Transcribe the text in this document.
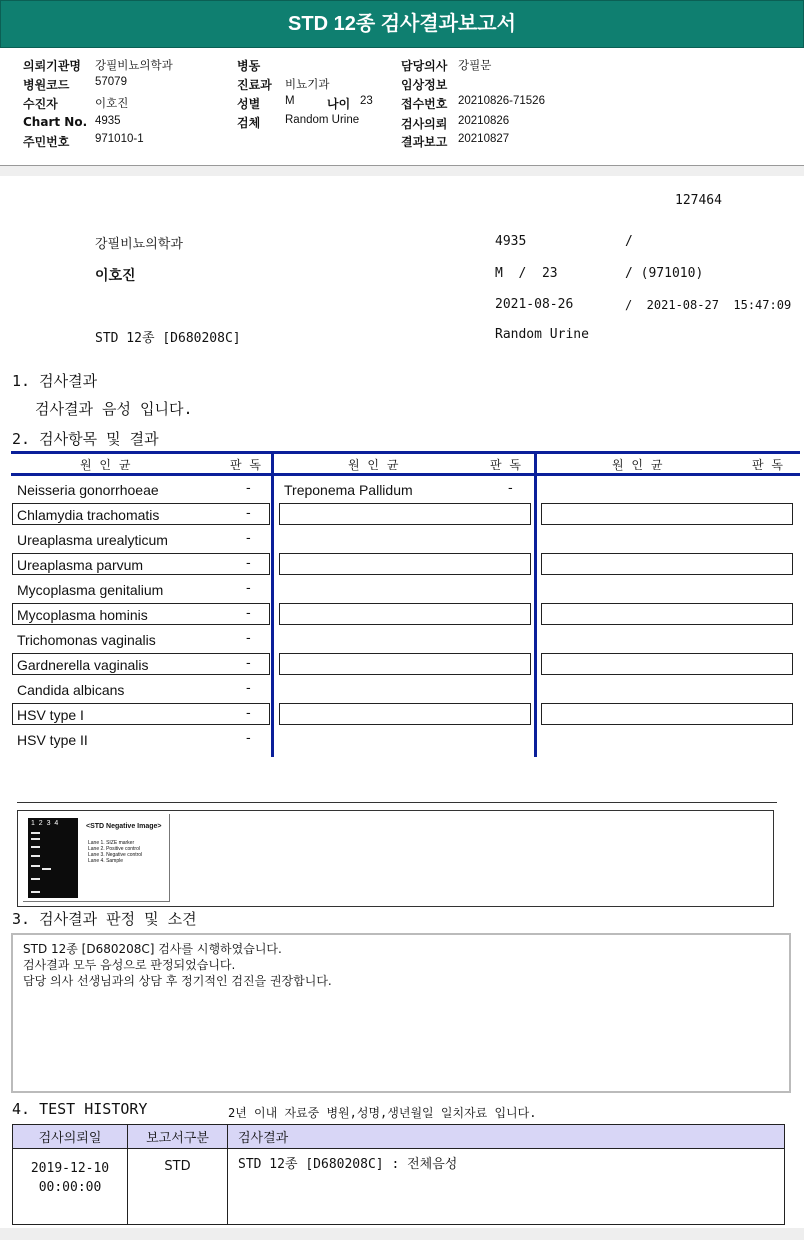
STD 12종 검사결과보고서
의뢰기관명 강필비뇨의학과
병원코드 57079
수진자	이호진
Chart No. 4935
주민번호 971010-1
병동
진료과 비뇨기과
성별 M	나이 23
검체 Random Urine
담당의사 강필문
임상정보
접수번호 20210826-71526
검사의뢰 20210826
결과보고 20210827
127464
강필비뇨의학과	4935	/
이호진	M  /  23	/ (971010)
2021-08-26	/  2021-08-27  15:47:09
STD 12종 [D680208C]	Random Urine
1. 검사결과
검사결과 음성 입니다.
2. 검사항목 및 결과
원 인 균	판 독	원 인 균	판 독	원 인 균	판 독
Neisseria gonorrhoeae	-
Chlamydia trachomatis	-
Ureaplasma urealyticum	-
Ureaplasma parvum	-
Mycoplasma genitalium	-
Mycoplasma hominis	-
Trichomonas vaginalis	-
Gardnerella vaginalis	-
Candida albicans	-
HSV type I	-
HSV type II	-
Treponema Pallidum	-
1  2  3  4	<STD Negative Image>
Lane 1. SIZE marker
Lane 2. Positive control
Lane 3. Negative control
Lane 4. Sample
3. 검사결과 판정 및 소견
STD 12종 [D680208C] 검사를 시행하였습니다.
검사결과 모두 음성으로 판정되었습니다.
담당 의사 선생님과의 상담 후 정기적인 검진을 권장합니다.
4. TEST HISTORY	2년 이내 자료중 병원,성명,생년월일 일치자료 입니다.
검사의뢰일	보고서구분	검사결과

2019-12-10
00:00:00	STD	STD 12종 [D680208C] : 전체음성
